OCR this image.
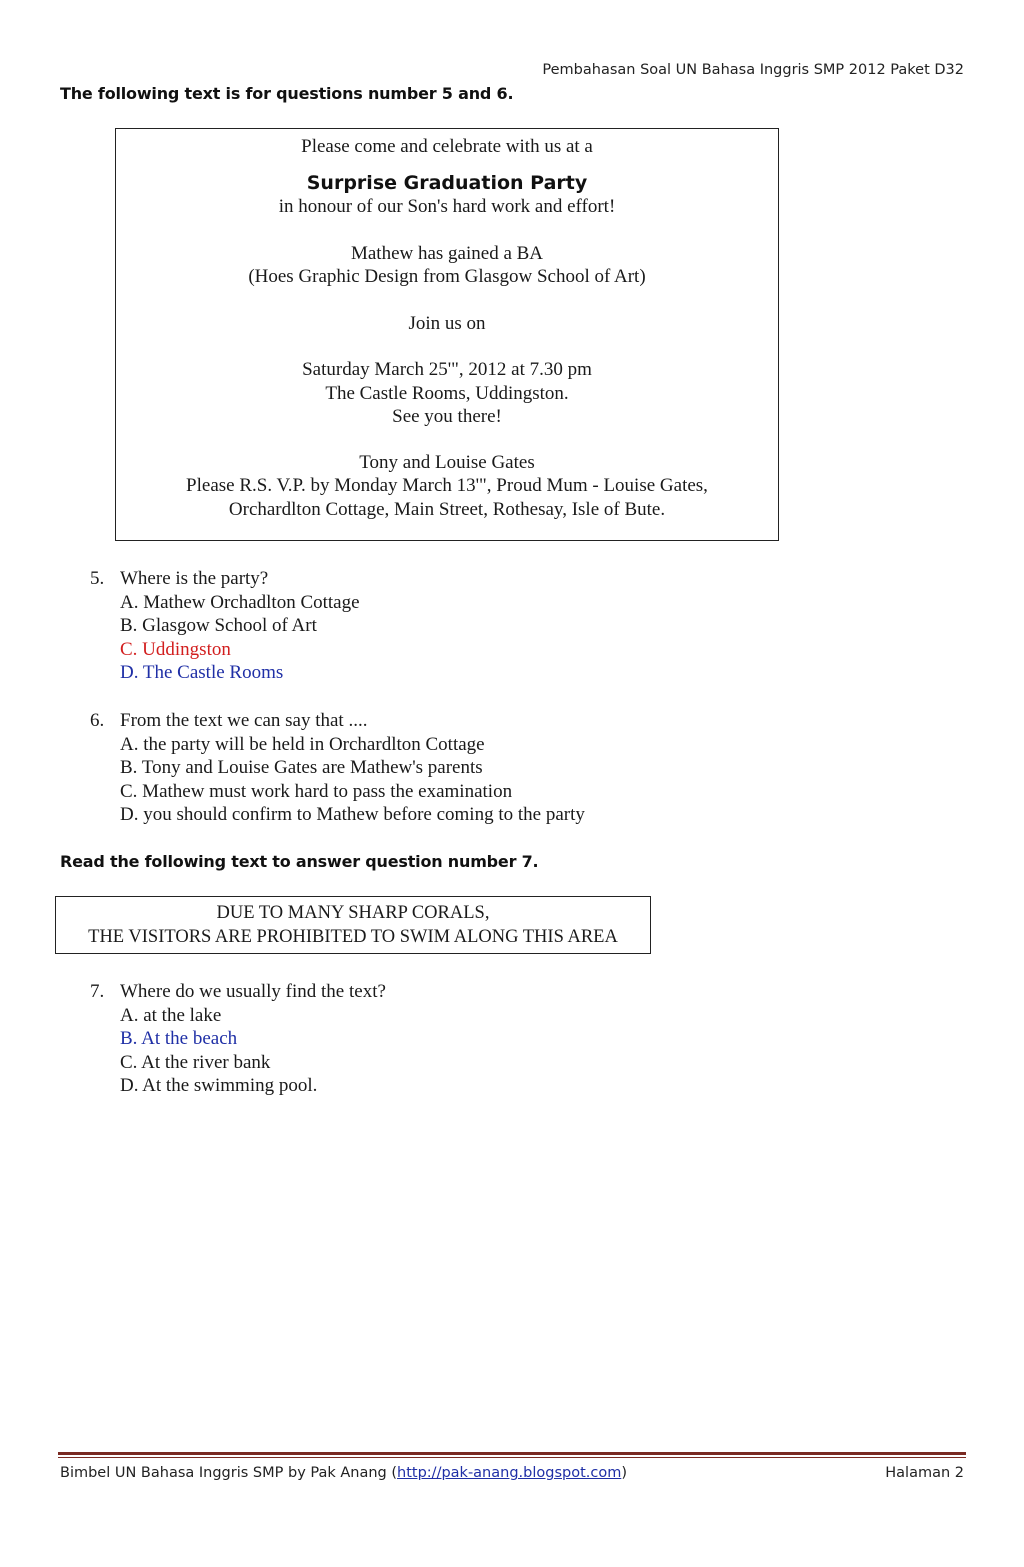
Pembahasan Soal UN Bahasa Inggris SMP 2012 Paket D32
The following text is for questions number 5 and 6.
Please come and celebrate with us at a
Surprise Graduation Party
in honour of our Son's hard work and effort!
Mathew has gained a BA
(Hoes Graphic Design from Glasgow School of Art)
Join us on
Saturday March 25'", 2012 at 7.30 pm
The Castle Rooms, Uddingston.
See you there!
Tony and Louise Gates
Please R.S. V.P. by Monday March 13'", Proud Mum - Louise Gates,
Orchardlton Cottage, Main Street, Rothesay, Isle of Bute.
5. Where is the party?
A. Mathew Orchadlton Cottage
B. Glasgow School of Art
C. Uddingston
D. The Castle Rooms
6. From the text we can say that ....
A. the party will be held in Orchardlton Cottage
B. Tony and Louise Gates are Mathew's parents
C. Mathew must work hard to pass the examination
D. you should confirm to Mathew before coming to the party
Read the following text to answer question number 7.
DUE TO MANY SHARP CORALS,
THE VISITORS ARE PROHIBITED TO SWIM ALONG THIS AREA
7. Where do we usually find the text?
A. at the lake
B. At the beach
C. At the river bank
D. At the swimming pool.
Bimbel UN Bahasa Inggris SMP by Pak Anang (http://pak-anang.blogspot.com)	Halaman 2
